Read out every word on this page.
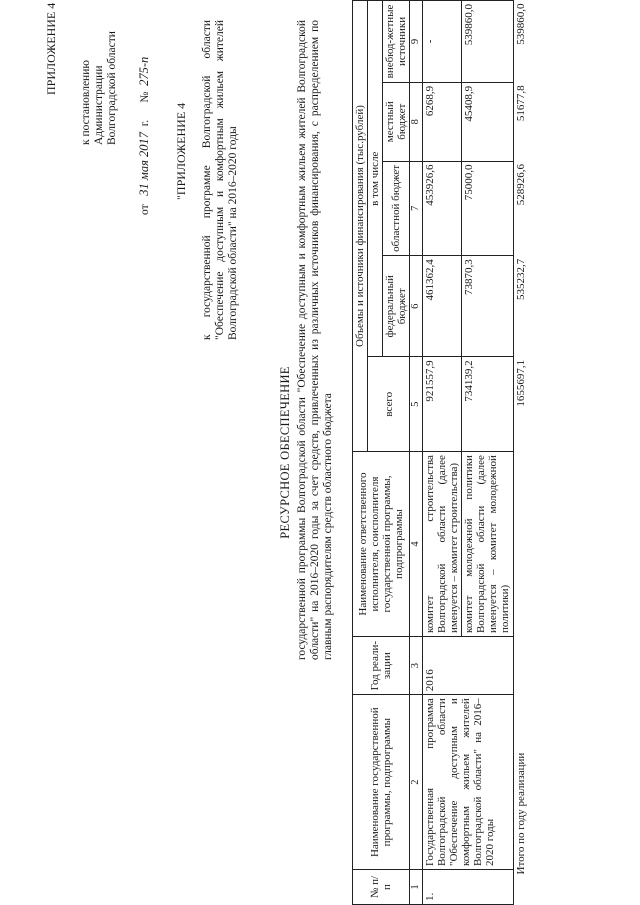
ПРИЛОЖЕНИЕ 4
к постановлению Администрации Волгоградской области
от   31 мая 2017  г.      №  275-п
"ПРИЛОЖЕНИЕ 4 к государственной программе Волгоградской области "Обеспечение доступным и комфортным жильем жителей Волгоградской области" на 2016–2020 годы
РЕСУРСНОЕ ОБЕСПЕЧЕНИЕ государственной программы Волгоградской области "Обеспечение доступным и комфортным жильем жителей Волгоградской области" на 2016–2020 годы за счет средств, привлеченных из различных источников финансирования, с распределением по главным распорядителям средств областного бюджета
№ п/п	Наименование государственной программы, подпрограммы	Год реали-зации	Наименование ответственного исполнителя, соисполнителя государственной программы, подпрограммы	Объемы и источники финансирования (тыс.рублей)				
				всего	в том числе			
					федеральный бюджет	областной бюджет	местный бюджет	внебюд-жетные источники
1	2	3	4	5	6	7	8	9
1.	Государственная программа Волгоградской области "Обеспечение доступным и комфортным жильем жителей Волгоградской области" на 2016–2020 годы	2016	комитет строительства Волгоградской области (далее именуется – комитет строительства)	921557,9	461362,4	453926,6	6268,9	-
			комитет молодежной политики Волгоградской области (далее именуется – комитет молодежной политики)	734139,2	73870,3	75000,0	45408,9	539860,0
Итого по году реализации				1655697,1	535232,7	528926,6	51677,8	539860,0
